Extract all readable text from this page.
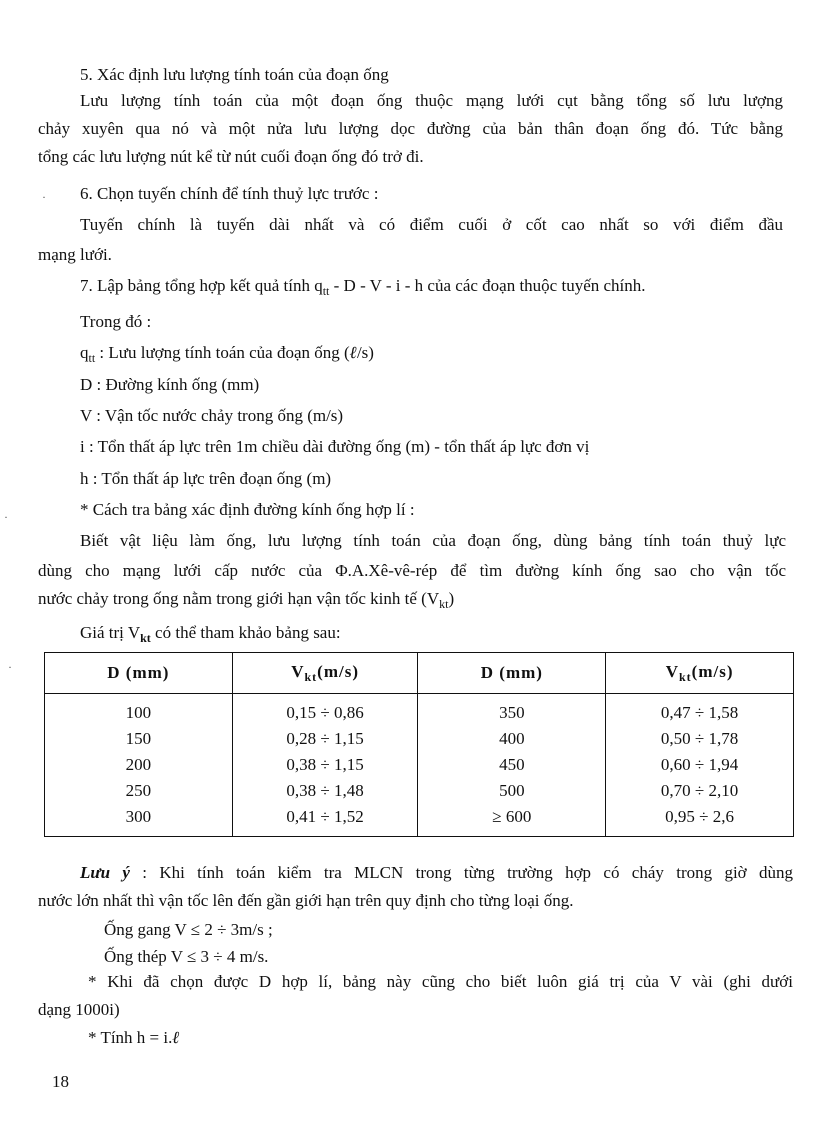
5. Xác định lưu lượng tính toán của đoạn ống
Lưu lượng tính toán của một đoạn ống thuộc mạng lưới cụt bằng tổng số lưu lượng
chảy xuyên qua nó và một nửa lưu lượng dọc đường của bản thân đoạn ống đó. Tức bằng
tổng các lưu lượng nút kể từ nút cuối đoạn ống đó trở đi.
6. Chọn tuyến chính để tính thuỷ lực trước :
Tuyến chính là tuyến dài nhất và có điểm cuối ở cốt cao nhất so với điểm đầu
mạng lưới.
7. Lập bảng tổng hợp kết quả tính $q_{tt}$ - D - V - i - h của các đoạn thuộc tuyến chính.
Trong đó :
$q_{tt}$ : Lưu lượng tính toán của đoạn ống (ℓ/s)
D : Đường kính ống (mm)
V : Vận tốc nước chảy trong ống (m/s)
i : Tổn thất áp lực trên 1m chiều dài đường ống (m) - tổn thất áp lực đơn vị
h : Tổn thất áp lực trên đoạn ống (m)
* Cách tra bảng xác định đường kính ống hợp lí :
Biết vật liệu làm ống, lưu lượng tính toán của đoạn ống, dùng bảng tính toán thuỷ lực
dùng cho mạng lưới cấp nước của Φ.A.Xê-vê-rép để tìm đường kính ống sao cho vận tốc
nước chảy trong ống nằm trong giới hạn vận tốc kinh tế $(V_{kt})$
Giá trị $V_{kt}$ có thể tham khảo bảng sau:
D (mm)	$V_{kt}(m/s)$	D (mm)	$V_{kt}(m/s)$
100	0,15 ÷ 0,86	350	0,47 ÷ 1,58
150	0,28 ÷ 1,15	400	0,50 ÷ 1,78
200	0,38 ÷ 1,15	450	0,60 ÷ 1,94
250	0,38 ÷ 1,48	500	0,70 ÷ 2,10
300	0,41 ÷ 1,52	≥ 600	0,95 ÷ 2,6
Lưu ý : Khi tính toán kiểm tra MLCN trong từng trường hợp có cháy trong giờ dùng
nước lớn nhất thì vận tốc lên đến gần giới hạn trên quy định cho từng loại ống.
Ống gang V ≤ 2 ÷ 3m/s ;
Ống thép V ≤ 3 ÷ 4 m/s.
* Khi đã chọn được D hợp lí, bảng này cũng cho biết luôn giá trị của V vài (ghi dưới
dạng 1000i)
* Tính h = i.ℓ
18
·
·
·
